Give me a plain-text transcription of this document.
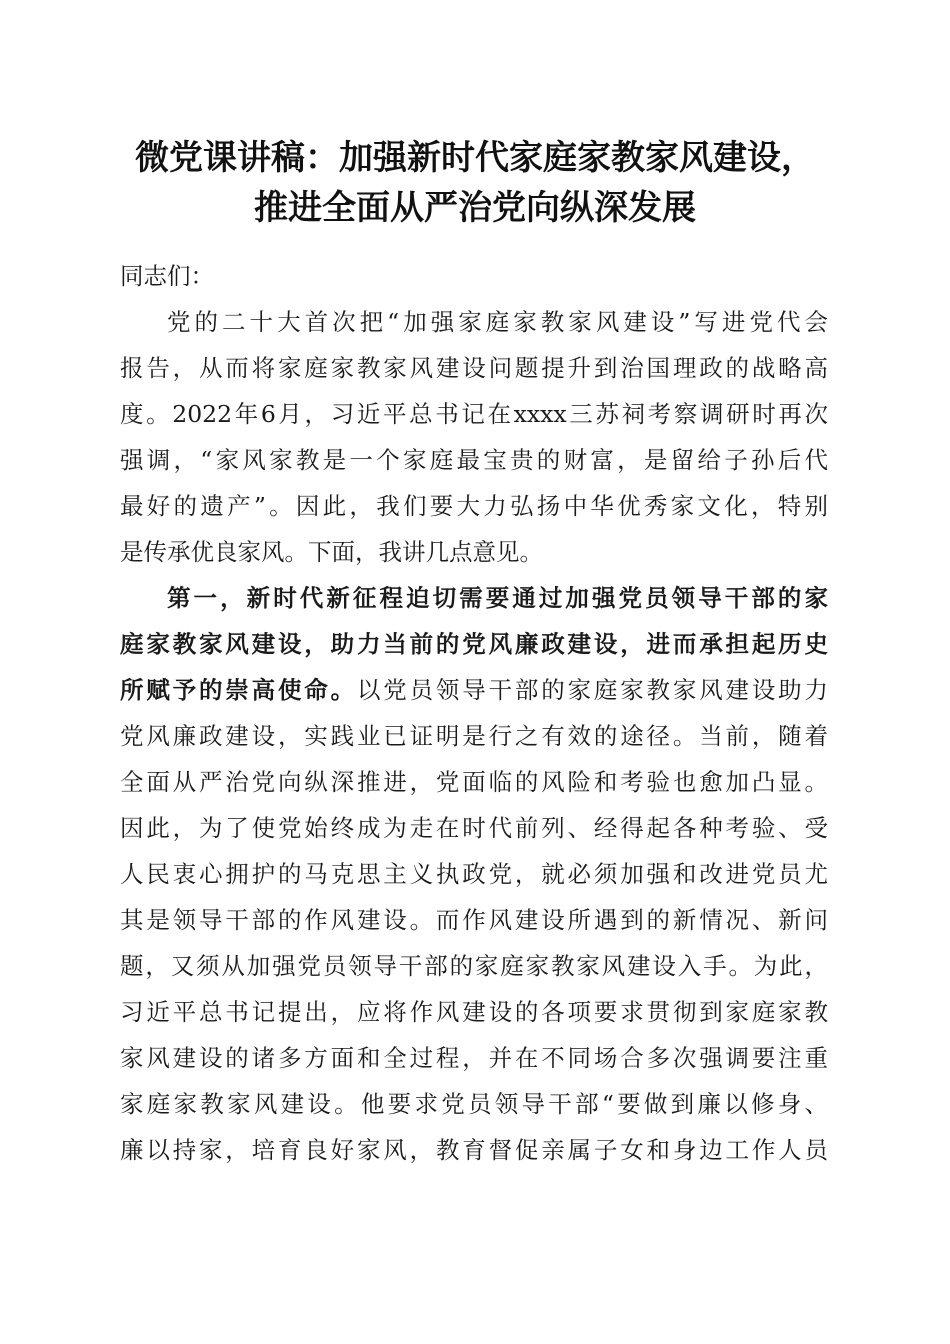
微党课讲稿：加强新时代家庭家教家风建设，
推进全面从严治党向纵深发展

同志们：

党的二十大首次把“加强家庭家教家风建设”写进党代会
报告，从而将家庭家教家风建设问题提升到治国理政的战略高
度。2022年6月，习近平总书记在xxxx三苏祠考察调研时再次
强调，“家风家教是一个家庭最宝贵的财富，是留给子孙后代
最好的遗产”。因此，我们要大力弘扬中华优秀家文化，特别
是传承优良家风。下面，我讲几点意见。

第一，新时代新征程迫切需要通过加强党员领导干部的家
庭家教家风建设，助力当前的党风廉政建设，进而承担起历史
所赋予的崇高使命。以党员领导干部的家庭家教家风建设助力
党风廉政建设，实践业已证明是行之有效的途径。当前，随着
全面从严治党向纵深推进，党面临的风险和考验也愈加凸显。
因此，为了使党始终成为走在时代前列、经得起各种考验、受
人民衷心拥护的马克思主义执政党，就必须加强和改进党员尤
其是领导干部的作风建设。而作风建设所遇到的新情况、新问
题，又须从加强党员领导干部的家庭家教家风建设入手。为此，
习近平总书记提出，应将作风建设的各项要求贯彻到家庭家教
家风建设的诸多方面和全过程，并在不同场合多次强调要注重
家庭家教家风建设。他要求党员领导干部“要做到廉以修身、
廉以持家，培育良好家风，教育督促亲属子女和身边工作人员
